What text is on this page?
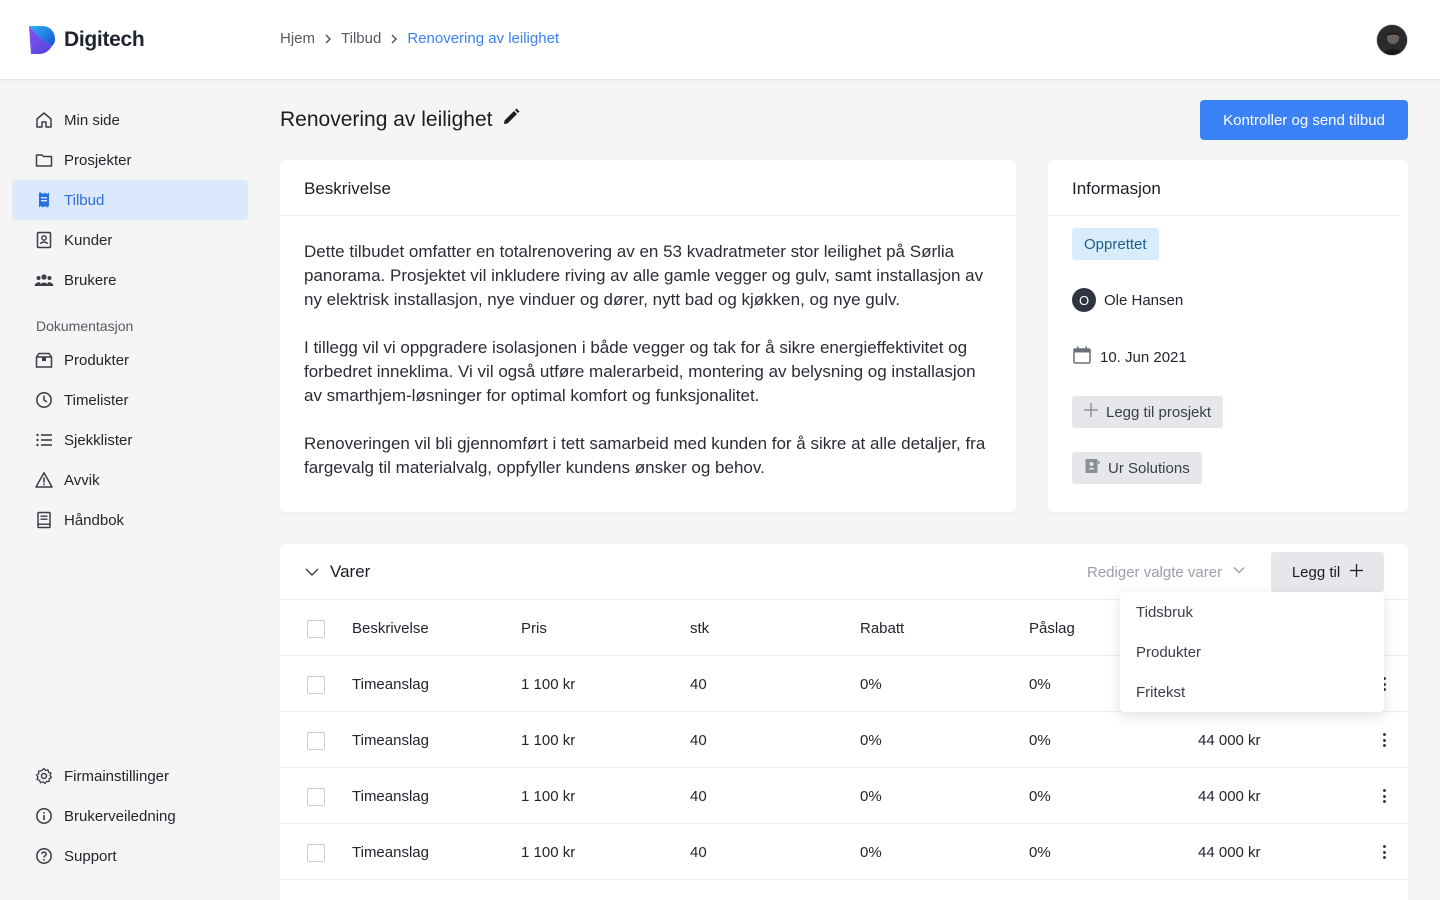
Digitech	Hjem Tilbud Renovering av leilighet
Min side
Prosjekter
Tilbud
Kunder
Brukere
Dokumentasjon
Produkter
Timelister
Sjekklister
Avvik
Håndbok
Firmainstillinger
Brukerveiledning
Support
Renovering av leilighet	Kontroller og send tilbud
Beskrivelse

Dette tilbudet omfatter en totalrenovering av en 53 kvadratmeter stor leilighet på Sørlia panorama. Prosjektet vil inkludere riving av alle gamle vegger og gulv, samt installasjon av ny elektrisk installasjon, nye vinduer og dører, nytt bad og kjøkken, og nye gulv.

I tillegg vil vi oppgradere isolasjonen i både vegger og tak for å sikre energieffektivitet og forbedret inneklima. Vi vil også utføre malerarbeid, montering av belysning og installasjon av smarthjem-løsninger for optimal komfort og funksjonalitet.

Renoveringen vil bli gjennomført i tett samarbeid med kunden for å sikre at alle detaljer, fra fargevalg til materialvalg, oppfyller kundens ønsker og behov.

Informasjon
Opprettet
O Ole Hansen
10. Jun 2021
Legg til prosjekt
Ur Solutions
Varer	Rediger valgte varer	Legg til
Beskrivelse	Pris	stk	Rabatt	Påslag
Timeanslag	1 100 kr	40	0%	0%
Timeanslag	1 100 kr	40	0%	0%	44 000 kr
Timeanslag	1 100 kr	40	0%	0%	44 000 kr
Timeanslag	1 100 kr	40	0%	0%	44 000 kr
Tidsbruk
Produkter
Fritekst
